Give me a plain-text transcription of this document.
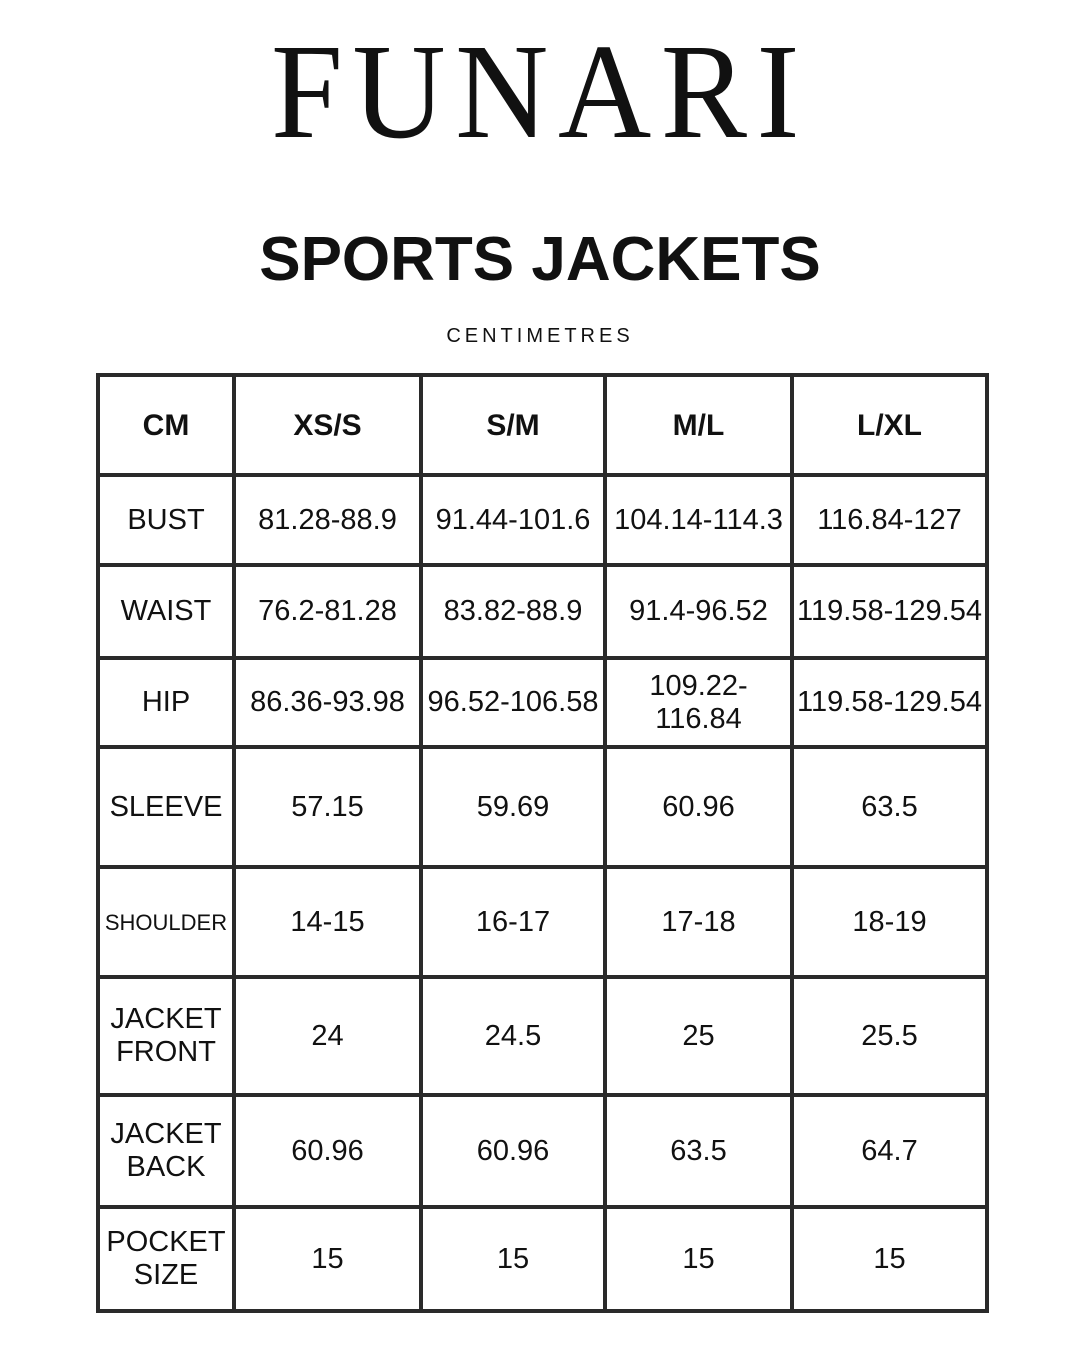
FUNARI
SPORTS JACKETS
CENTIMETRES
CM	XS/S	S/M	M/L	L/XL
BUST	81.28-88.9	91.44-101.6	104.14-114.3	116.84-127
WAIST	76.2-81.28	83.82-88.9	91.4-96.52	119.58-129.54
HIP	86.36-93.98	96.52-106.58	109.22-116.84	119.58-129.54
SLEEVE	57.15	59.69	60.96	63.5
SHOULDER	14-15	16-17	17-18	18-19
JACKET FRONT	24	24.5	25	25.5
JACKET BACK	60.96	60.96	63.5	64.7
POCKET SIZE	15	15	15	15
